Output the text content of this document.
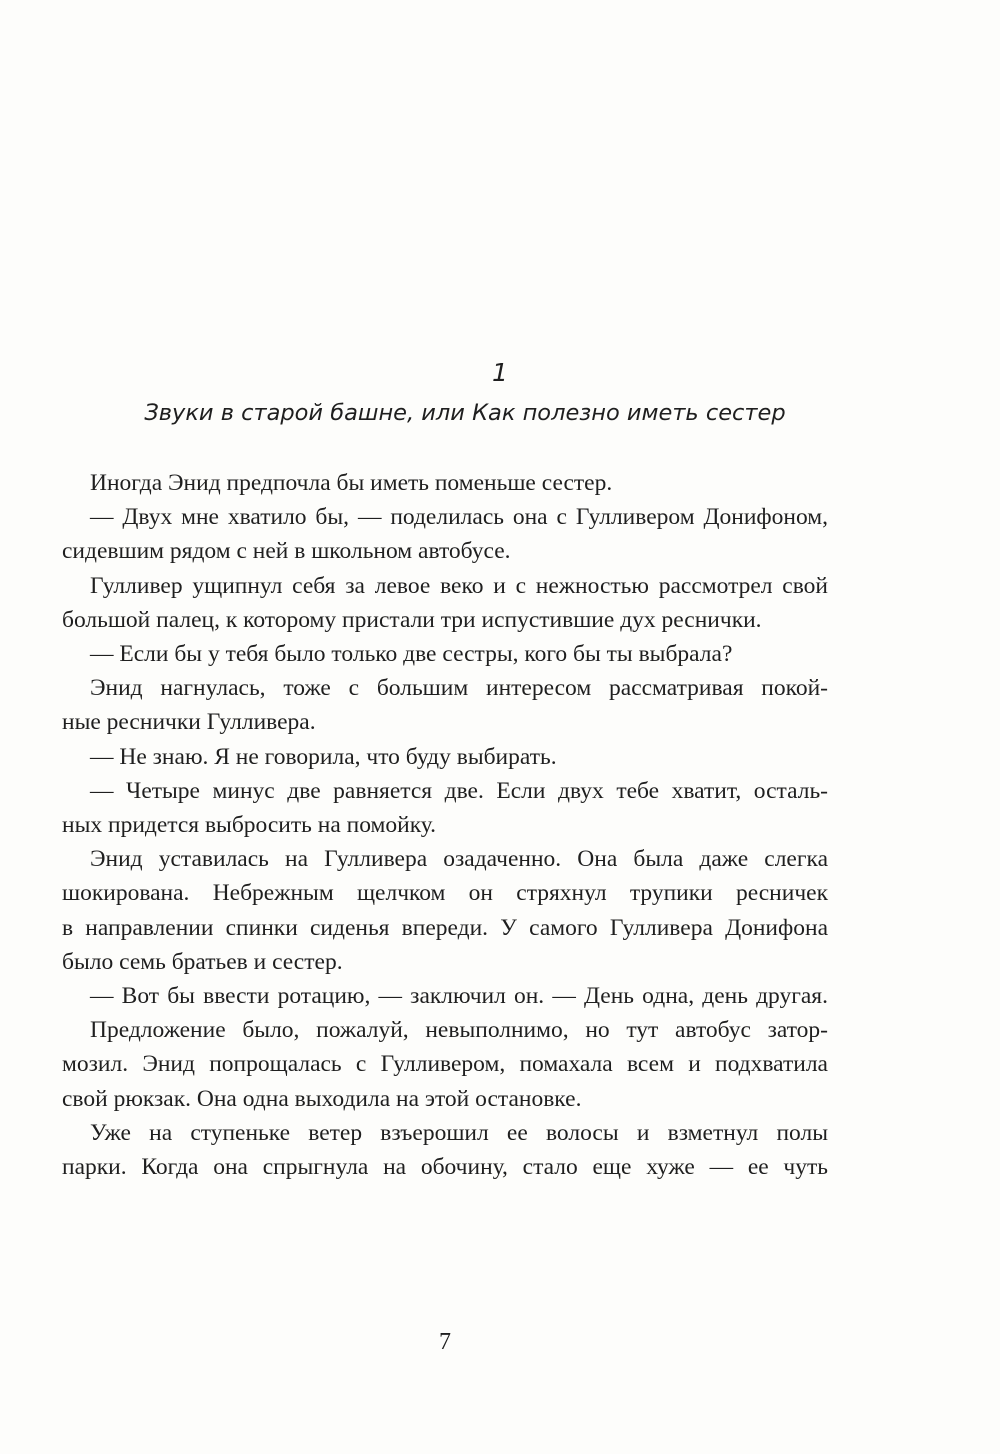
1
Звуки в старой башне, или Как полезно иметь сестер

Иногда Энид предпочла бы иметь поменьше сестер.

— Двух мне хватило бы, — поделилась она с Гулливером Донифоном,
сидевшим рядом с ней в школьном автобусе.

Гулливер ущипнул себя за левое веко и с нежностью рассмотрел свой
большой палец, к которому пристали три испустившие дух реснички.

— Если бы у тебя было только две сестры, кого бы ты выбрала?

Энид нагнулась, тоже с большим интересом рассматривая покой-
ные реснички Гулливера.

— Не знаю. Я не говорила, что буду выбирать.

— Четыре минус две равняется две. Если двух тебе хватит, осталь-
ных придется выбросить на помойку.

Энид уставилась на Гулливера озадаченно. Она была даже слегка
шокирована. Небрежным щелчком он стряхнул трупики ресничек
в направлении спинки сиденья впереди. У самого Гулливера Донифона
было семь братьев и сестер.

— Вот бы ввести ротацию, — заключил он. — День одна, день другая.

Предложение было, пожалуй, невыполнимо, но тут автобус затор-
мозил. Энид попрощалась с Гулливером, помахала всем и подхватила
свой рюкзак. Она одна выходила на этой остановке.

Уже на ступеньке ветер взъерошил ее волосы и взметнул полы
парки. Когда она спрыгнула на обочину, стало еще хуже — ее чуть

7
